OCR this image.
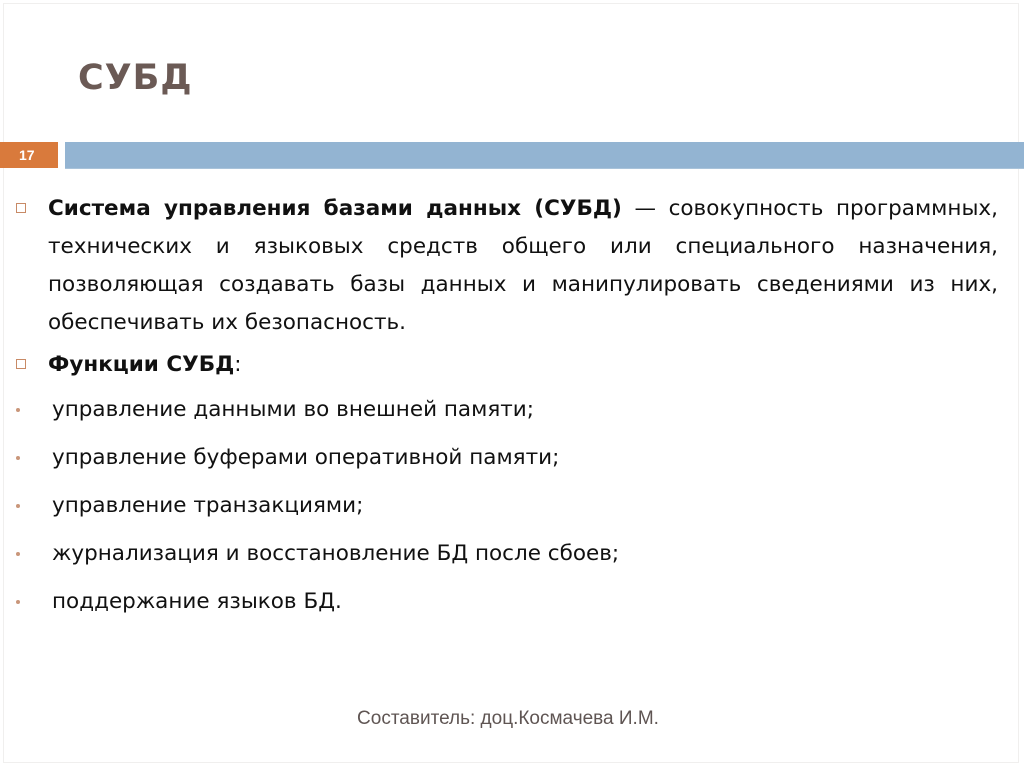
СУБД
17
Система управления базами данных (СУБД) — совокупность программных, технических и языковых средств общего или специального назначения, позволяющая создавать базы данных и манипулировать сведениями из них, обеспечивать их безопасность.
Функции СУБД:
управление данными во внешней памяти;
управление буферами оперативной памяти;
управление транзакциями;
журнализация и восстановление БД после сбоев;
поддержание языков БД.
Составитель: доц.Космачева И.М.
